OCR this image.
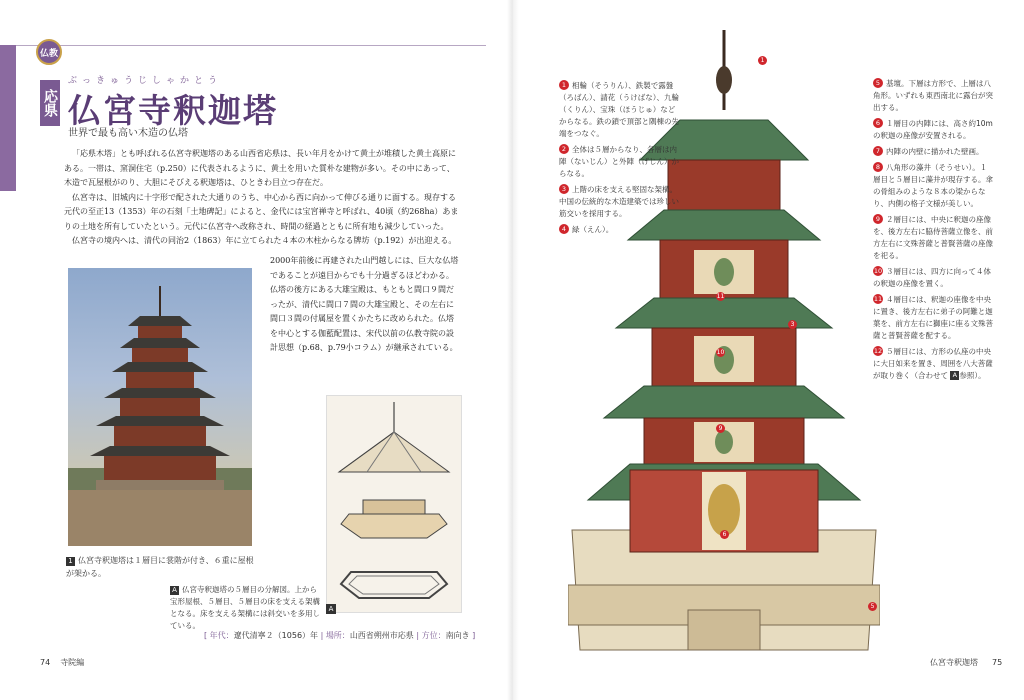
仏教
応県
ぶっきゅうじしゃかとう
仏宮寺釈迦塔
世界で最も高い木造の仏塔

「応県木塔」とも呼ばれる仏宮寺釈迦塔のある山西省応県は、長い年月をかけて黄土が堆積した黄土高原にある。一帯は、窯洞住宅（p.250）に代表されるように、黄土を用いた質朴な建物が多い。その中にあって、木造で瓦屋根がのり、大胆にそびえる釈迦塔は、ひときわ目立つ存在だ。

仏宮寺は、旧城内に十字形で配された大通りのうち、中心から西に向かって伸びる通りに面する。現存する元代の至正13（1353）年の石刻「土地碑記」によると、金代には宝宮禅寺と呼ばれ、40頃（約268ha）あまりの土地を所有していたという。元代に仏宮寺へ改称され、時間の経過とともに所有地も減少していった。

仏宮寺の境内へは、清代の同治2（1863）年に立てられた４本の木柱からなる牌坊（p.192）が出迎える。

2000年前後に再建された山門越しには、巨大な仏塔であることが遠目からでも十分過ぎるほどわかる。仏塔の後方にある大雄宝殿は、もともと間口９間だったが、清代に間口７間の大雄宝殿と、その左右に間口３間の付属屋を置くかたちに改められた。仏塔を中心とする伽藍配置は、宋代以前の仏教寺院の設計思想（p.68、p.79小コラム）が継承されている。

1 仏宮寺釈迦塔は１層目に裳階が付き、６重に屋根が架かる。
A 仏宮寺釈迦塔の５層目の分解図。上から宝形屋根、５層目、５層目の床を支える架構となる。床を支える架構には斜交いを多用している。
A
[ 年代：遼代清寧２（1056）年 | 場所：山西省朔州市応県 | 方位：南向き ]
74 寺院編
1
3
9
10
11
6
5
1 相輪（そうりん）、鉄製で露盤（ろばん）、請花（うけばな）、九輪（くりん）、宝珠（ほうじゅ）などからなる。鉄の鎖で頂部と隅棟の先端をつなぐ。
2 全体は５層からなり、各層は内陣（ないじん）と外陣（げじん）からなる。
3 上階の床を支える堅固な架構。中国の伝統的な木造建築では珍しい筋交いを採用する。
4 緑（えん）。
5 基壇。下層は方形で、上層は八角形。いずれも東西南北に露台が突出する。
6 １層目の内陣には、高さ約10mの釈迦の座像が安置される。
7 内陣の内壁に描かれた壁画。
8 八角形の藻井（そうせい）。１層目と５層目に藻井が現存する。傘の骨組みのような８本の梁からなり、内側の格子文様が美しい。
9 ２層目には、中央に釈迦の座像を、後方左右に脇侍菩薩立像を、前方左右に文殊菩薩と普賢菩薩の座像を祀る。
10 ３層目には、四方に向って４体の釈迦の座像を置く。
11 ４層目には、釈迦の座像を中央に置き、後方左右に弟子の阿難と迦葉を、前方左右に獅座に座る文殊菩薩と普賢菩薩を配する。
12 ５層目には、方形の仏座の中央に大日如来を置き、周囲を八大菩薩が取り巻く（合わせて A 参照）。
仏宮寺釈迦塔 75
